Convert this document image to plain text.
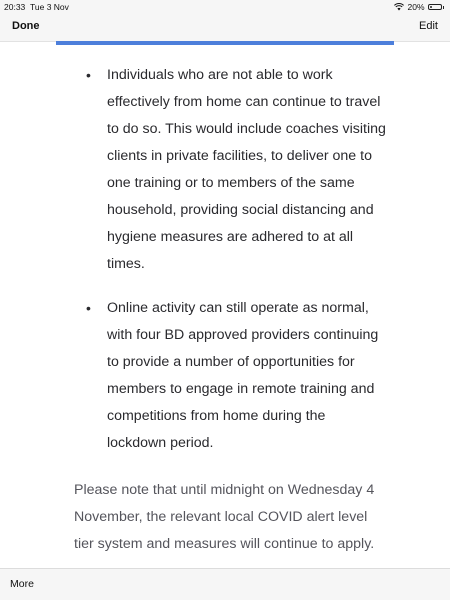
20:33 Tue 3 Nov	20%
Done	Edit
• Individuals who are not able to work effectively from home can continue to travel to do so. This would include coaches visiting clients in private facilities, to deliver one to one training or to members of the same household, providing social distancing and hygiene measures are adhered to at all times.
• Online activity can still operate as normal, with four BD approved providers continuing to provide a number of opportunities for members to engage in remote training and competitions from home during the lockdown period.

Please note that until midnight on Wednesday 4 November, the relevant local COVID alert level tier system and measures will continue to apply.

More
